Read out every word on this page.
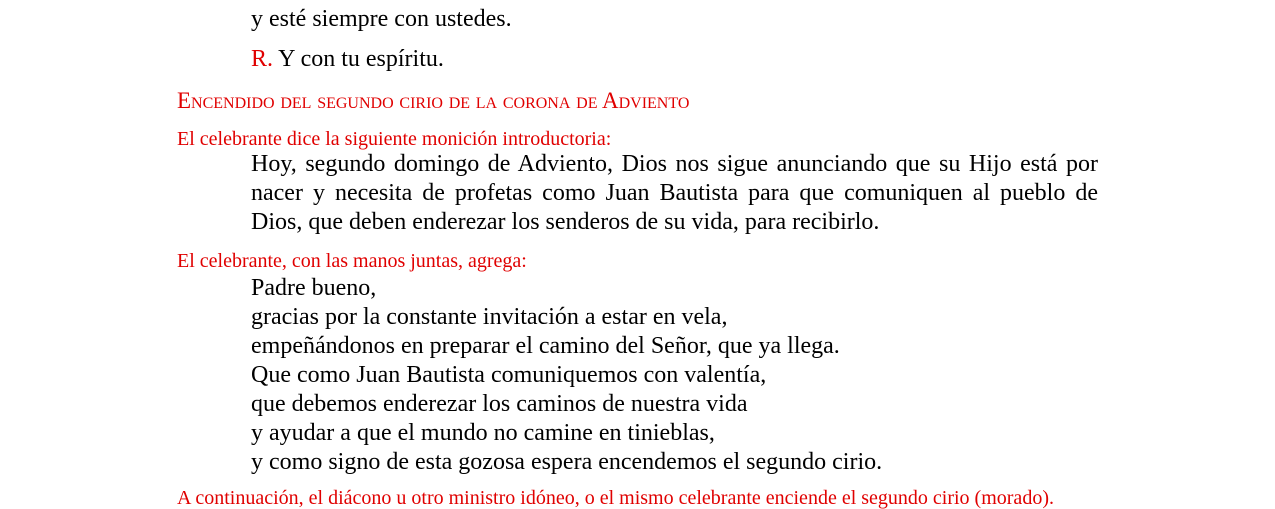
y esté siempre con ustedes.
R. Y con tu espíritu.
Encendido del segundo cirio de la corona de Adviento
El celebrante dice la siguiente monición introductoria:
Hoy, segundo domingo de Adviento, Dios nos sigue anunciando que su Hijo está por
nacer y necesita de profetas como Juan Bautista para que comuniquen al pueblo de
Dios, que deben enderezar los senderos de su vida, para recibirlo.
El celebrante, con las manos juntas, agrega:
Padre bueno,
gracias por la constante invitación a estar en vela,
empeñándonos en preparar el camino del Señor, que ya llega.
Que como Juan Bautista comuniquemos con valentía,
que debemos enderezar los caminos de nuestra vida
y ayudar a que el mundo no camine en tinieblas,
y como signo de esta gozosa espera encendemos el segundo cirio.
A continuación, el diácono u otro ministro idóneo, o el mismo celebrante enciende el segundo cirio (morado).
